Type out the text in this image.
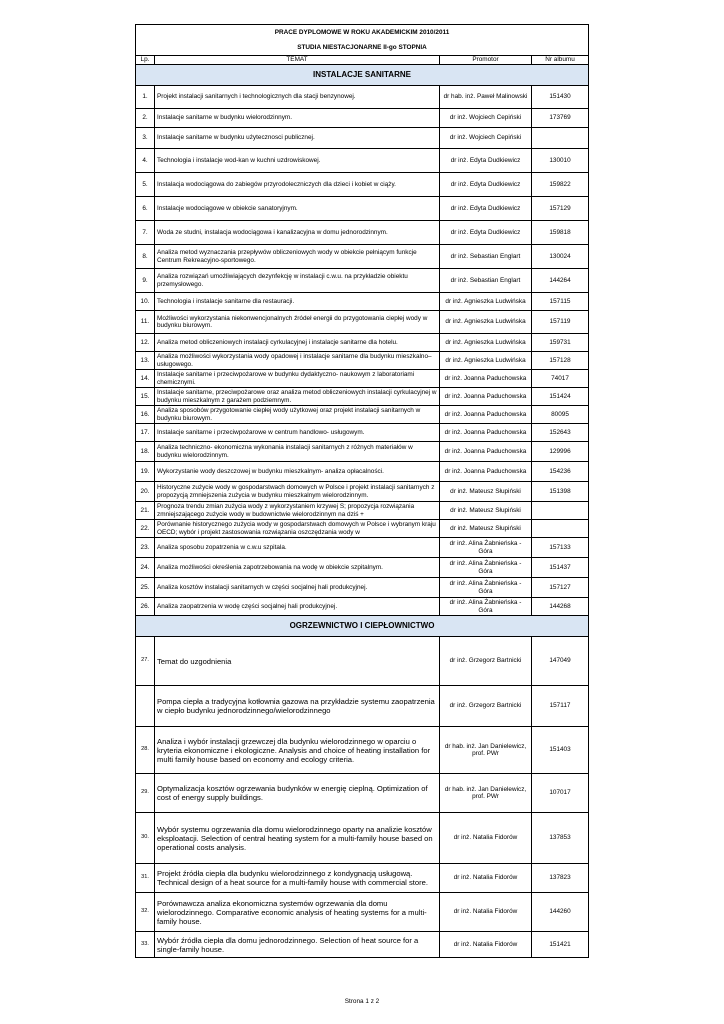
PRACE DYPLOMOWE W ROKU AKADEMICKIM 2010/2011			
STUDIA NIESTACJONARNE II-go STOPNIA			
Lp.	TEMAT	Promotor	Nr albumu
INSTALACJE SANITARNE			
1.	Projekt instalacji sanitarnych i technologicznych dla stacji benzynowej.	dr hab. inż. Paweł Malinowski	151430
2.	Instalacje sanitarne w budynku wielorodzinnym.	dr inż. Wojciech Cepiński	173769
3.	Instalacje sanitarne w budynku użytecznosci publicznej.	dr inż. Wojciech Cepiński	
4.	Technologia i instalacje wod-kan w kuchni uzdrowiskowej.	dr inż. Edyta Dudkiewicz	130010
5.	Instalacja wodociągowa do zabiegów przyrodoleczniczych dla dzieci i kobiet w ciąży.	dr inż. Edyta Dudkiewicz	159822
6.	Instalacje wodociągowe w obiekcie sanatoryjnym.	dr inż. Edyta Dudkiewicz	157129
7.	Woda ze studni, instalacja wodociągowa i kanalizacyjna w domu jednorodzinnym.	dr inż. Edyta Dudkiewicz	159818
8.	Analiza metod wyznaczania przepływów obliczeniowych wody w obiekcie pełniącym funkcje Centrum Rekreacyjno-sportowego.	dr inż. Sebastian Englart	130024
9.	Analiza rozwiązań umożliwiających dezynfekcję w instalacji c.w.u. na przykładzie obiektu przemysłowego.	dr inż. Sebastian Englart	144264
10.	Technologia i instalacje sanitarne dla restauracji.	dr inż. Agnieszka Ludwińska	157115
11.	Możliwości wykorzystania niekonwencjonalnych źródeł energii do przygotowania ciepłej wody w budynku biurowym.	dr inż. Agnieszka Ludwińska	157119
12.	Analiza metod obliczeniowych instalacji cyrkulacyjnej i instalacje sanitarne dla hotelu.	dr inż. Agnieszka Ludwińska	159731
13.	Analiza możliwości wykorzystania wody opadowej i instalacje sanitarne dla budynku mieszkalno–usługowego.	dr inż. Agnieszka Ludwińska	157128
14.	Instalacje sanitarne i przeciwpożarowe w budynku dydaktyczno- naukowym z laboratoriami chemicznymi.	dr inż. Joanna Paduchowska	74017
15.	Instalacje sanitarne, przeciwpożarowe oraz analiza metod obliczeniowych instalacji cyrkulacyjnej w budynku mieszkalnym z garażem podziemnym.	dr inż. Joanna Paduchowska	151424
16.	Analiza sposobów przygotowanie ciepłej wody użytkowej oraz projekt instalacji sanitarnych w budynku biurowym.	dr inż. Joanna Paduchowska	80095
17.	Instalacje sanitarne i przeciwpożarowe w centrum handlowo- usługowym.	dr inż. Joanna Paduchowska	152643
18.	Analiza techniczno- ekonomiczna wykonania instalacji sanitarnych z różnych materiałów w budynku wielorodzinnym.	dr inż. Joanna Paduchowska	129996
19.	Wykorzystanie wody deszczowej w budynku mieszkalnym- analiza opłacalności.	dr inż. Joanna Paduchowska	154236
20.	Historyczne zużycie wody w gospodarstwach domowych w Polsce i projekt instalacji sanitarnych z propozycją zmniejszenia zużycia w budynku mieszkalnym wielorodzinnym.	dr inż. Mateusz Słupiński	151398
21.	Prognoza trendu zmian zużycia wody z wykorzystaniem krzywej S; propozycja rozwiązania zmniejszającego zużycie wody w budownictwie wielorodzinnym na dziś +	dr inż. Mateusz Słupiński	
22.	Porównanie historycznego zużycia wody w gospodarstwach domowych w Polsce i wybranym kraju OECD; wybór i projekt zastosowania rozwiązania oszczędzania wody w	dr inż. Mateusz Słupiński	
23.	Analiza sposobu zopatrzenia w c.w.u szpitala.	dr inż. Alina Żabnieńska - Góra	157133
24.	Analiza możliwości określenia zapotrzebowania na wodę w obiekcie szpitalnym.	dr inż. Alina Żabnieńska - Góra	151437
25.	Analiza kosztów instalacji sanitarnych w części socjalnej hali produkcyjnej.	dr inż. Alina Żabnieńska - Góra	157127
26.	Analiza zaopatrzenia w wodę części socjalnej hali produkcyjnej.	dr inż. Alina Żabnieńska - Góra	144268
OGRZEWNICTWO I CIEPŁOWNICTWO			
27.	Temat do uzgodnienia	dr inż. Grzegorz Bartnicki	147049
	Pompa ciepła a tradycyjna kotłownia gazowa na przykładzie systemu zaopatrzenia w ciepło budynku jednorodzinnego/wielorodzinnego	dr inż. Grzegorz Bartnicki	157117
28.	Analiza i wybór instalacji grzewczej dla budynku wielorodzinnego w oparciu o kryteria ekonomiczne i ekologiczne. Analysis and choice of heating installation for multi family house based on economy and ecology criteria.	dr hab. inż. Jan Danielewicz, prof. PWr	151403
29.	Optymalizacja kosztów ogrzewania budynków w energię cieplną. Optimization of cost of energy supply buildings.	dr hab. inż. Jan Danielewicz, prof. PWr	107017
30.	Wybór systemu ogrzewania dla domu wielorodzinnego oparty na analizie kosztów eksploatacji. Selection of central heating system for a multi-family house based on operational costs analysis.	dr inż. Natalia Fidorów	137853
31.	Projekt źródła ciepła dla budynku wielorodzinnego z kondygnacją usługową. Technical design of a heat source for a multi-family house with commercial store.	dr inż. Natalia Fidorów	137823
32.	Porównawcza analiza ekonomiczna systemów ogrzewania dla domu wielorodzinnego. Comparative economic analysis of heating systems for a multi-family house.	dr inż. Natalia Fidorów	144260
33.	Wybór źródła ciepła dla domu jednorodzinnego. Selection of heat source for a single-family house.	dr inż. Natalia Fidorów	151421
Strona 1 z 2
